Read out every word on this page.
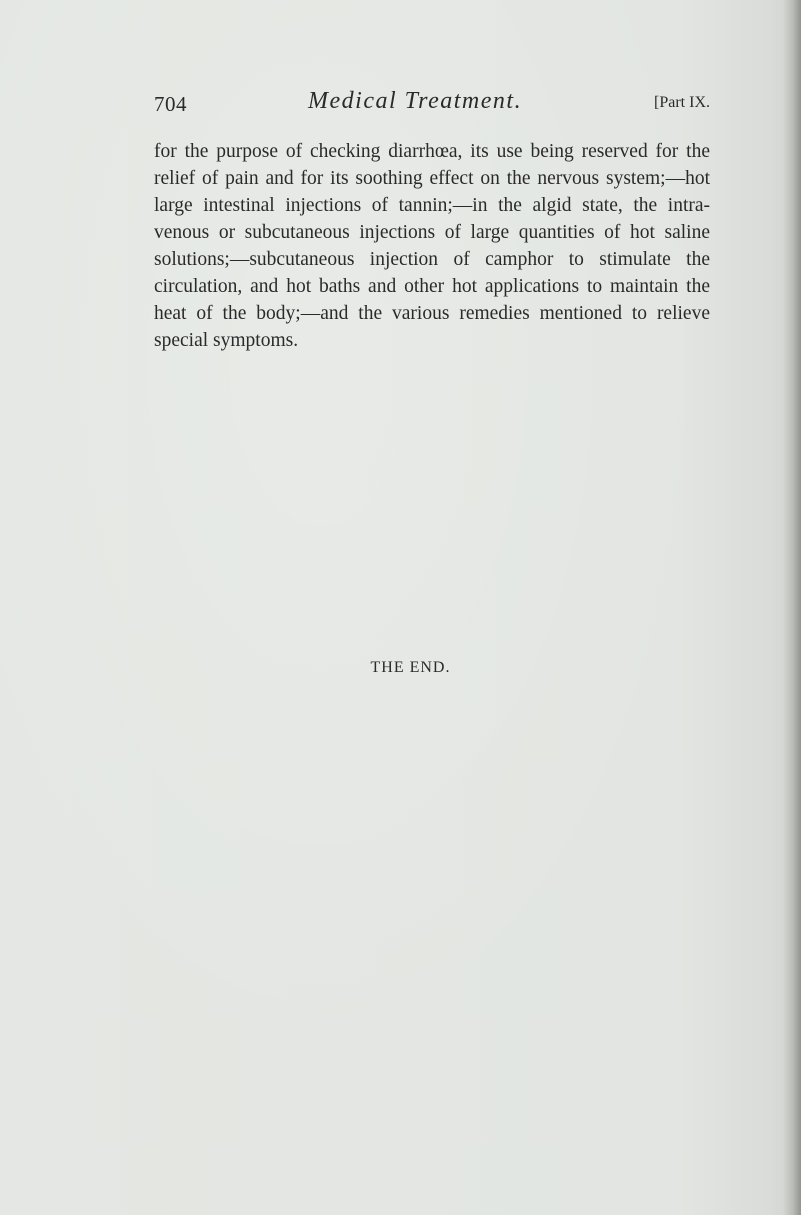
704	Medical Treatment.	[Part IX.

for the purpose of checking diarrhœa, its use being reserved for the relief of pain and for its soothing effect on the nervous system;—hot large intestinal injections of tannin;—in the algid state, the intra-venous or subcutaneous injections of large quantities of hot saline solutions;—subcutaneous injection of camphor to stimulate the circulation, and hot baths and other hot applications to maintain the heat of the body;—and the various remedies mentioned to relieve special symptoms.

THE END.
